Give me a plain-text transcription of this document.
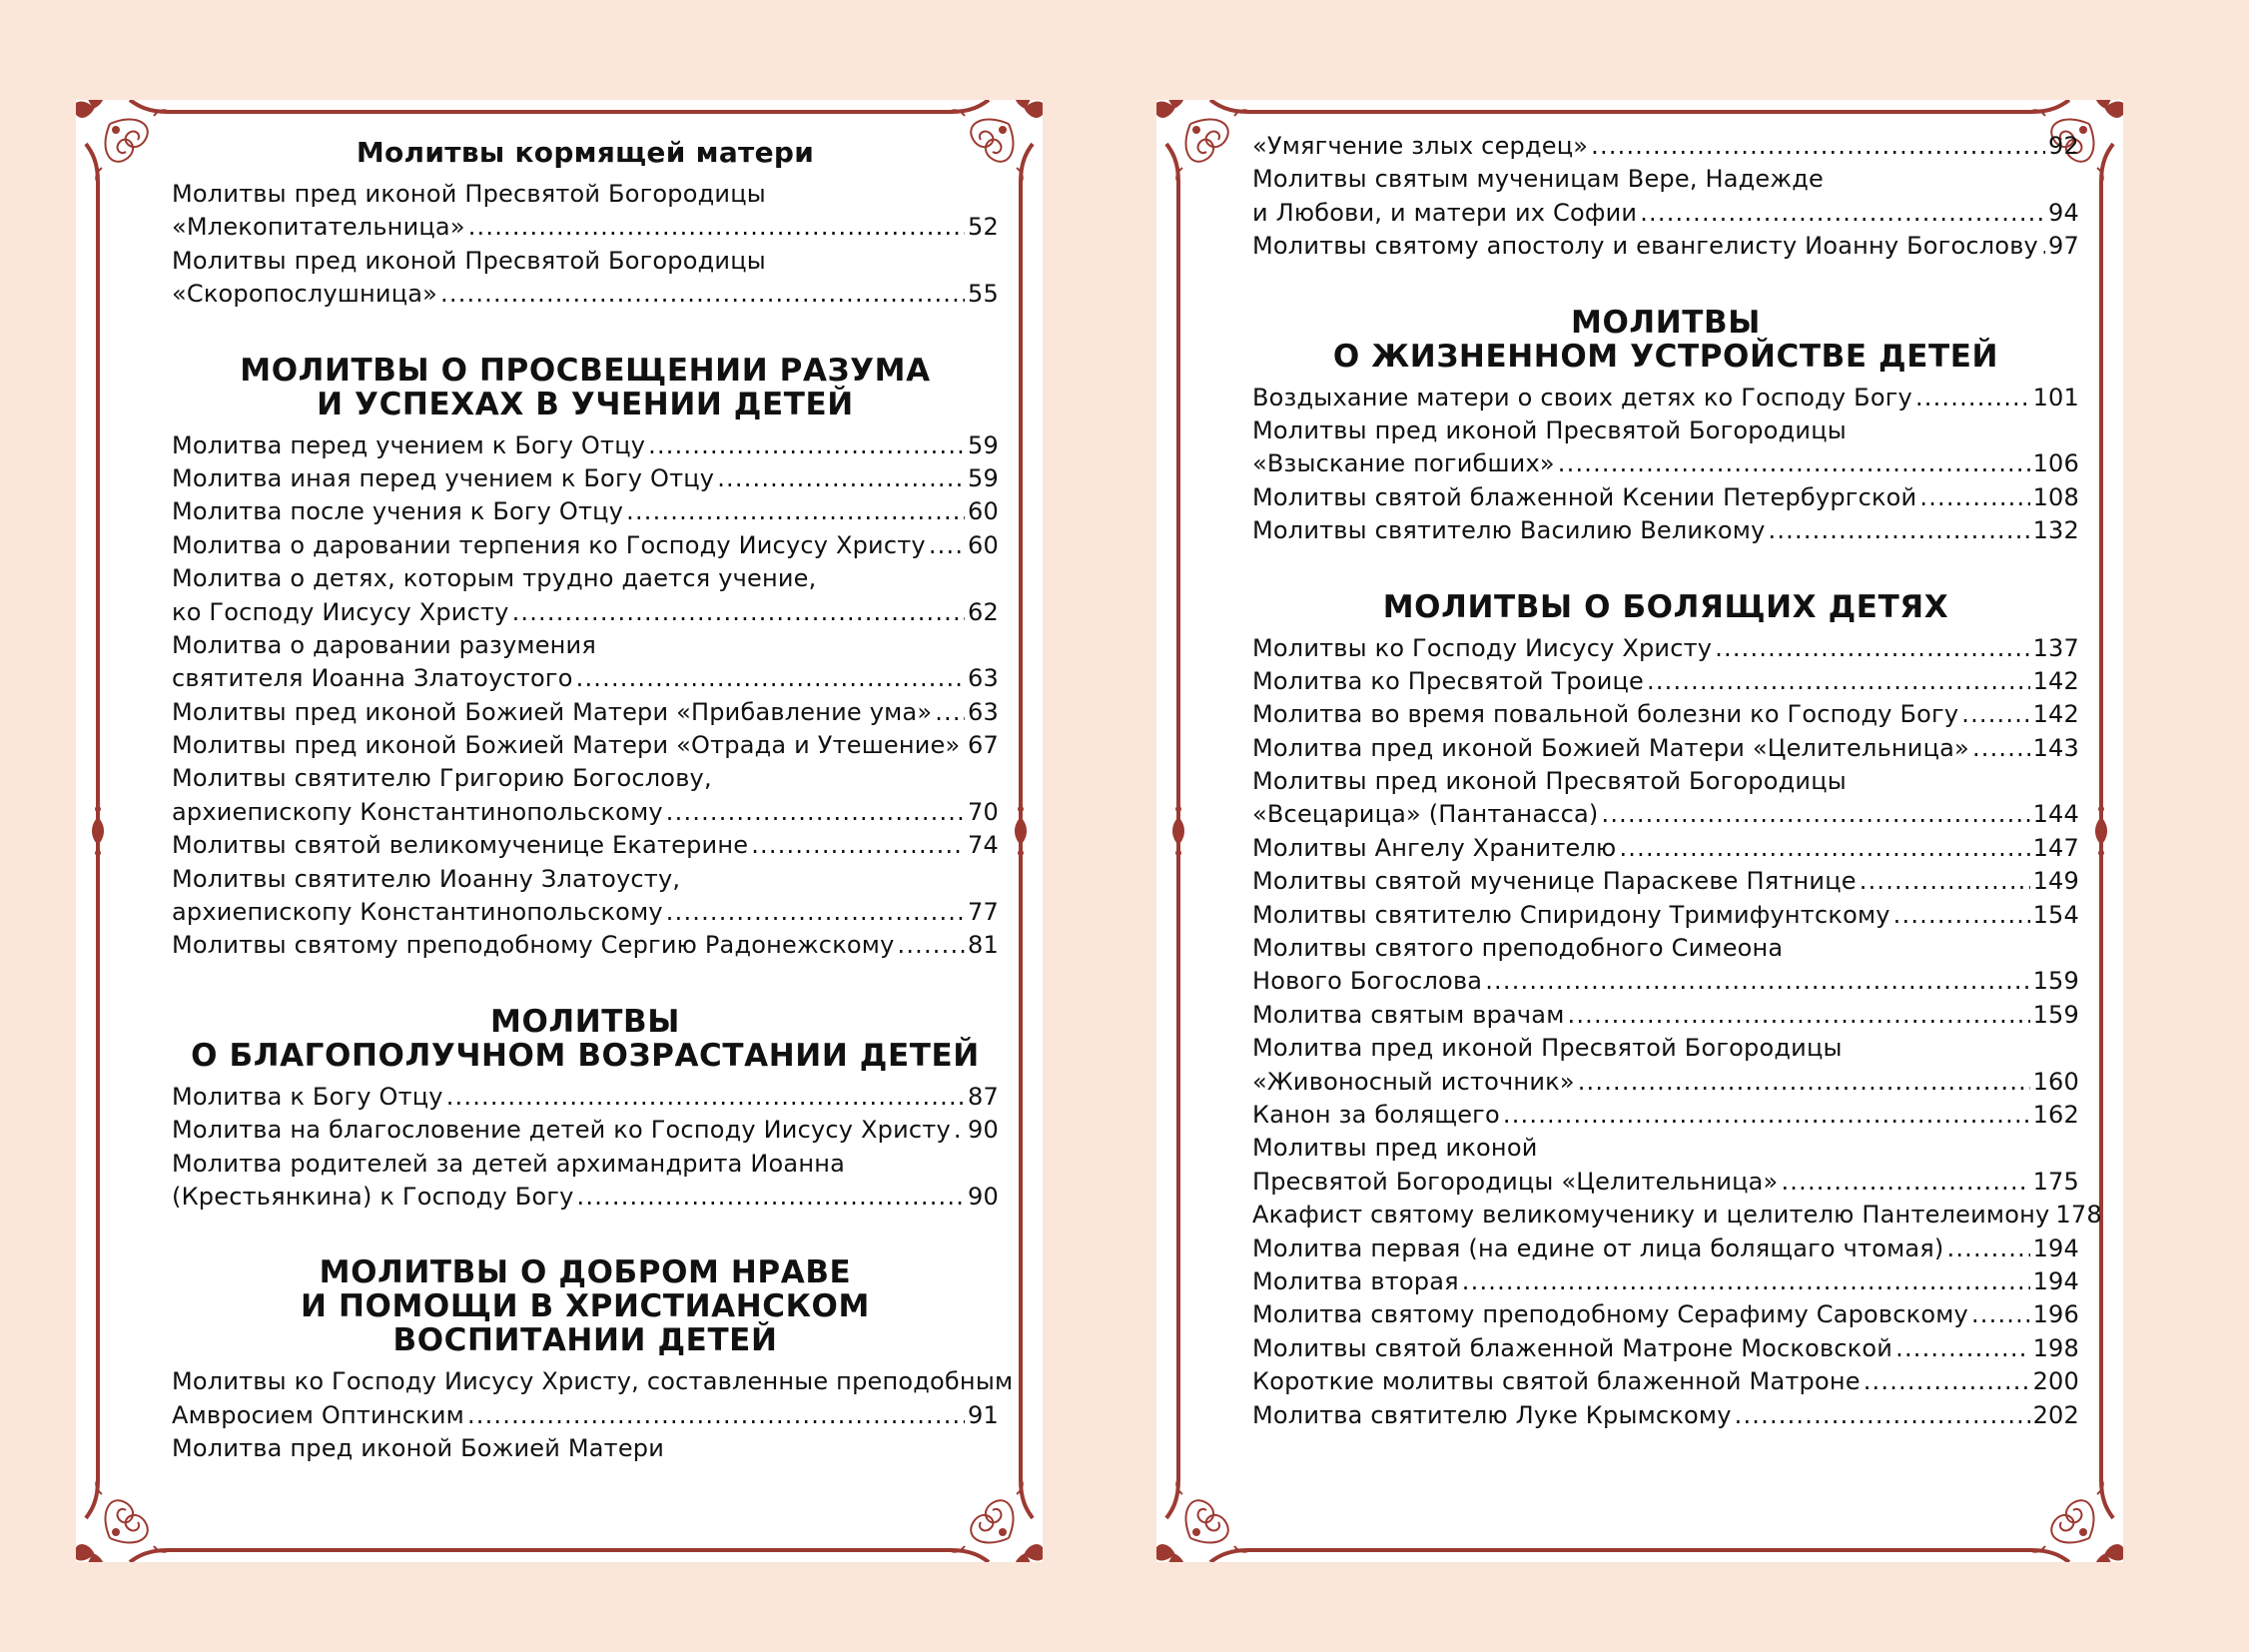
Молитвы кормящей матери
Молитвы пред иконой Пресвятой Богородицы
«Млекопитательница» .....	52
Молитвы пред иконой Пресвятой Богородицы
«Скоропослушница» .....	55
МОЛИТВЫ О ПРОСВЕЩЕНИИ РАЗУМА
И УСПЕХАХ В УЧЕНИИ ДЕТЕЙ
Молитва перед учением к Богу Отцу .....	59
Молитва иная перед учением к Богу Отцу .....	59
Молитва после учения к Богу Отцу .....	60
Молитва о даровании терпения ко Господу Иисусу Христу ..... 60
Молитва о детях, которым трудно дается учение,
ко Господу Иисусу Христу .....	62
Молитва о даровании разумения
святителя Иоанна Златоустого .....	63
Молитвы пред иконой Божией Матери «Прибавление ума» ..... 63
Молитвы пред иконой Божией Матери «Отрада и Утешение» ..... 67
Молитвы святителю Григорию Богослову,
архиепископу Константинопольскому .....	70
Молитвы святой великомученице Екатерине .....	74
Молитвы святителю Иоанну Златоусту,
архиепископу Константинопольскому .....	77
Молитвы святому преподобному Сергию Радонежскому .....	81
МОЛИТВЫ
О БЛАГОПОЛУЧНОМ ВОЗРАСТАНИИ ДЕТЕЙ
Молитва к Богу Отцу .....	87
Молитва на благословение детей ко Господу Иисусу Христу ..... 90
Молитва родителей за детей архимандрита Иоанна
(Крестьянкина) к Господу Богу .....	90
МОЛИТВЫ О ДОБРОМ НРАВЕ
И ПОМОЩИ В ХРИСТИАНСКОМ
ВОСПИТАНИИ ДЕТЕЙ
Молитвы ко Господу Иисусу Христу, составленные преподобным
Амвросием Оптинским .....	91
Молитва пред иконой Божией Матери
«Умягчение злых сердец» .....	92
Молитвы святым мученицам Вере, Надежде
и Любови, и матери их Софии .....	94
Молитвы святому апостолу и евангелисту Иоанну Богослову ..... 97
МОЛИТВЫ
О ЖИЗНЕННОМ УСТРОЙСТВЕ ДЕТЕЙ
Воздыхание матери о своих детях ко Господу Богу .....	101
Молитвы пред иконой Пресвятой Богородицы
«Взыскание погибших» .....	106
Молитвы святой блаженной Ксении Петербургской .....	108
Молитвы святителю Василию Великому .....	132
МОЛИТВЫ О БОЛЯЩИХ ДЕТЯХ
Молитвы ко Господу Иисусу Христу .....	137
Молитва ко Пресвятой Троице .....	142
Молитва во время повальной болезни ко Господу Богу .....	142
Молитва пред иконой Божией Матери «Целительница» .....	143
Молитвы пред иконой Пресвятой Богородицы
«Всецарица» (Пантанасса) .....	144
Молитвы Ангелу Хранителю .....	147
Молитвы святой мученице Параскеве Пятнице .....	149
Молитвы святителю Спиридону Тримифунтскому .....	154
Молитвы святого преподобного Симеона
Нового Богослова .....	159
Молитва святым врачам .....	159
Молитва пред иконой Пресвятой Богородицы
«Живоносный источник» .....	160
Канон за болящего .....	162
Молитвы пред иконой
Пресвятой Богородицы «Целительница» .....	175
Акафист святому великомученику и целителю Пантелеимону 178
Молитва первая (на едине от лица болящаго чтомая) .....	194
Молитва вторая .....	194
Молитва святому преподобному Серафиму Саровскому .....	196
Молитвы святой блаженной Матроне Московской .....	198
Короткие молитвы святой блаженной Матроне .....	200
Молитва святителю Луке Крымскому .....	202
